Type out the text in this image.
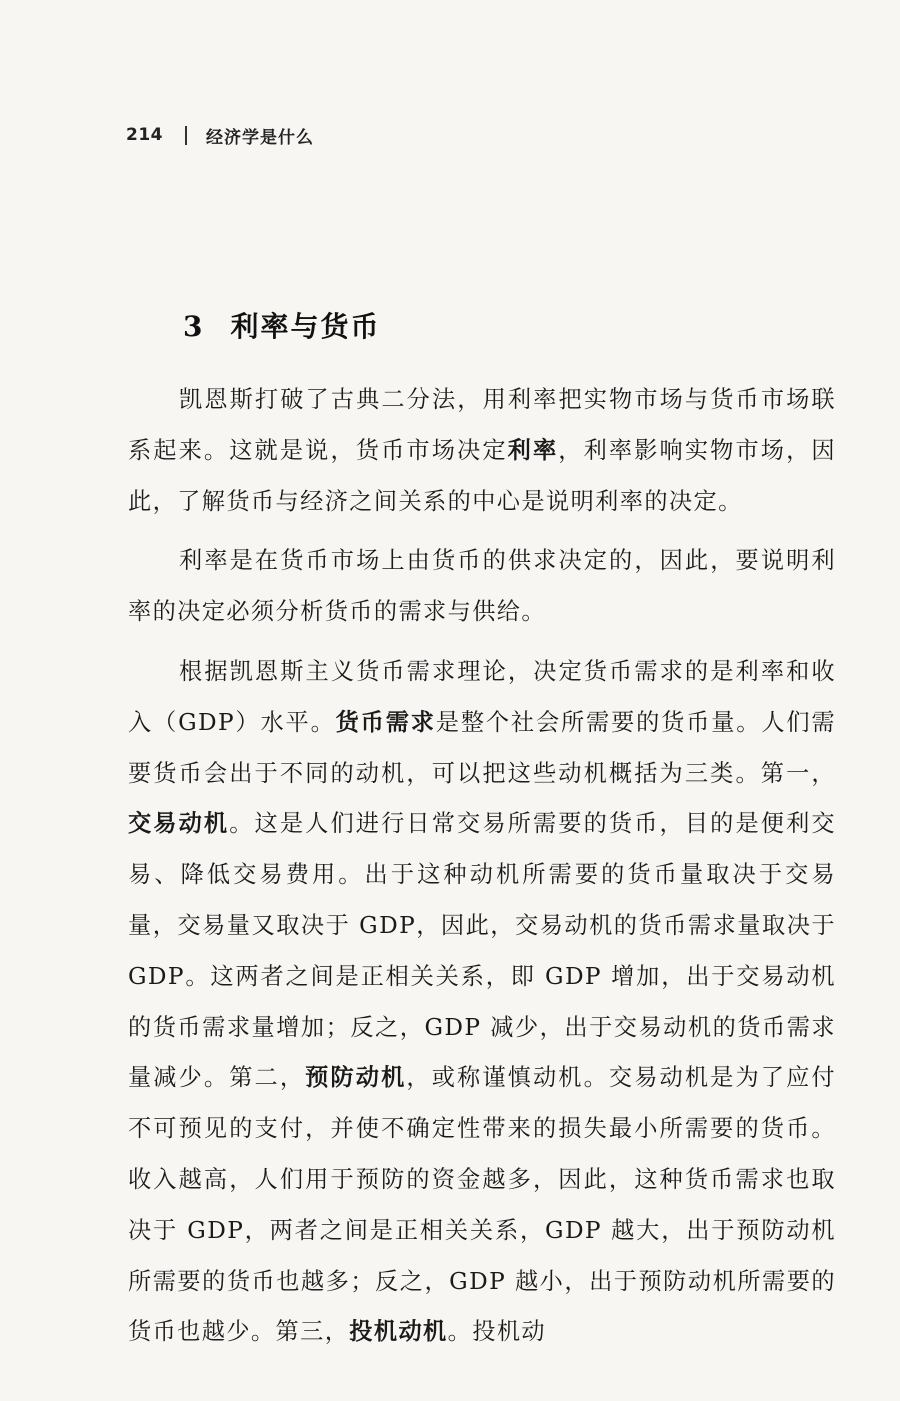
214	经济学是什么
3 利率与货币

凯恩斯打破了古典二分法，用利率把实物市场与货币市场联系起来。这就是说，货币市场决定利率，利率影响实物市场，因此，了解货币与经济之间关系的中心是说明利率的决定。

利率是在货币市场上由货币的供求决定的，因此，要说明利率的决定必须分析货币的需求与供给。

根据凯恩斯主义货币需求理论，决定货币需求的是利率和收入（GDP）水平。货币需求是整个社会所需要的货币量。人们需要货币会出于不同的动机，可以把这些动机概括为三类。第一，交易动机。这是人们进行日常交易所需要的货币，目的是便利交易、降低交易费用。出于这种动机所需要的货币量取决于交易量，交易量又取决于 GDP，因此，交易动机的货币需求量取决于 GDP。这两者之间是正相关关系，即 GDP 增加，出于交易动机的货币需求量增加；反之，GDP 减少，出于交易动机的货币需求量减少。第二，预防动机，或称谨慎动机。交易动机是为了应付不可预见的支付，并使不确定性带来的损失最小所需要的货币。收入越高，人们用于预防的资金越多，因此，这种货币需求也取决于 GDP，两者之间是正相关关系，GDP 越大，出于预防动机所需要的货币也越多；反之，GDP 越小，出于预防动机所需要的货币也越少。第三，投机动机。投机动
